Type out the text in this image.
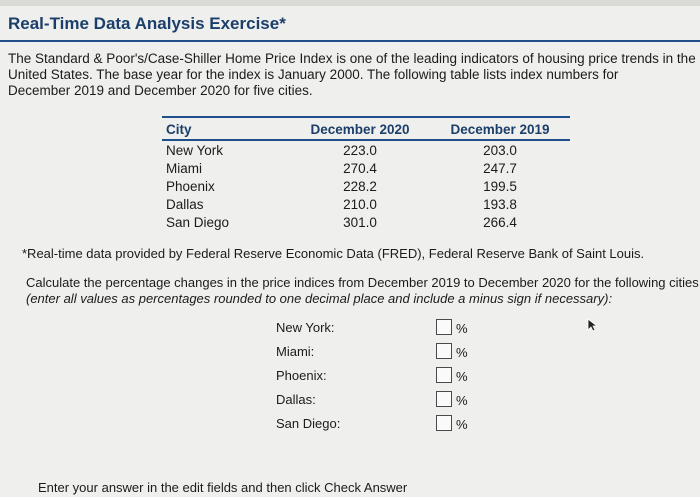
Real-Time Data Analysis Exercise*
The Standard & Poor's/Case-Shiller Home Price Index is one of the leading indicators of housing price trends in the
United States. The base year for the index is January 2000. The following table lists index numbers for
December 2019 and December 2020 for five cities.
City	December 2020	December 2019
New York	223.0	203.0
Miami	270.4	247.7
Phoenix	228.2	199.5
Dallas	210.0	193.8
San Diego	301.0	266.4
*Real-time data provided by Federal Reserve Economic Data (FRED), Federal Reserve Bank of Saint Louis.
Calculate the percentage changes in the price indices from December 2019 to December 2020 for the following cities
(enter all values as percentages rounded to one decimal place and include a minus sign if necessary):
New York:	%
Miami:	%
Phoenix:	%
Dallas:	%
San Diego:	%
Enter your answer in the edit fields and then click Check Answer
